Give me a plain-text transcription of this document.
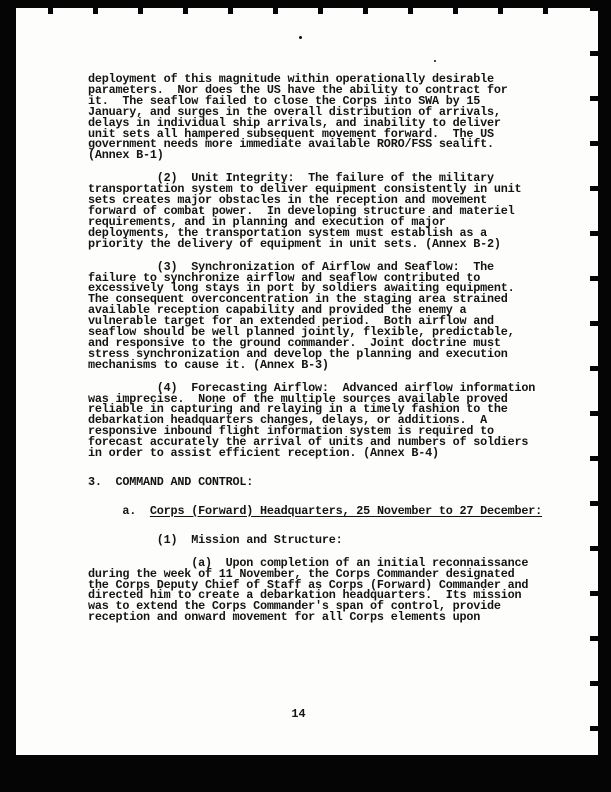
deployment of this magnitude within operationally desirable
parameters.  Nor does the US have the ability to contract for
it.  The seaflow failed to close the Corps into SWA by 15
January, and surges in the overall distribution of arrivals,
delays in individual ship arrivals, and inability to deliver
unit sets all hampered subsequent movement forward.  The US
government needs more immediate available RORO/FSS sealift.
(Annex B-1)
(2)  Unit Integrity:  The failure of the military
transportation system to deliver equipment consistently in unit
sets creates major obstacles in the reception and movement
forward of combat power.  In developing structure and materiel
requirements, and in planning and execution of major
deployments, the transportation system must establish as a
priority the delivery of equipment in unit sets. (Annex B-2)
(3)  Synchronization of Airflow and Seaflow:  The
failure to synchronize airflow and seaflow contributed to
excessively long stays in port by soldiers awaiting equipment.
The consequent overconcentration in the staging area strained
available reception capability and provided the enemy a
vulnerable target for an extended period.  Both airflow and
seaflow should be well planned jointly, flexible, predictable,
and responsive to the ground commander.  Joint doctrine must
stress synchronization and develop the planning and execution
mechanisms to cause it. (Annex B-3)
(4)  Forecasting Airflow:  Advanced airflow information
was imprecise.  None of the multiple sources available proved
reliable in capturing and relaying in a timely fashion to the
debarkation headquarters changes, delays, or additions.  A
responsive inbound flight information system is required to
forecast accurately the arrival of units and numbers of soldiers
in order to assist efficient reception. (Annex B-4)
3.  COMMAND AND CONTROL:
a.  Corps (Forward) Headquarters, 25 November to 27 December:
(1)  Mission and Structure:
(a)  Upon completion of an initial reconnaissance
during the week of 11 November, the Corps Commander designated
the Corps Deputy Chief of Staff as Corps (Forward) Commander and
directed him to create a debarkation headquarters.  Its mission
was to extend the Corps Commander's span of control, provide
reception and onward movement for all Corps elements upon
14
